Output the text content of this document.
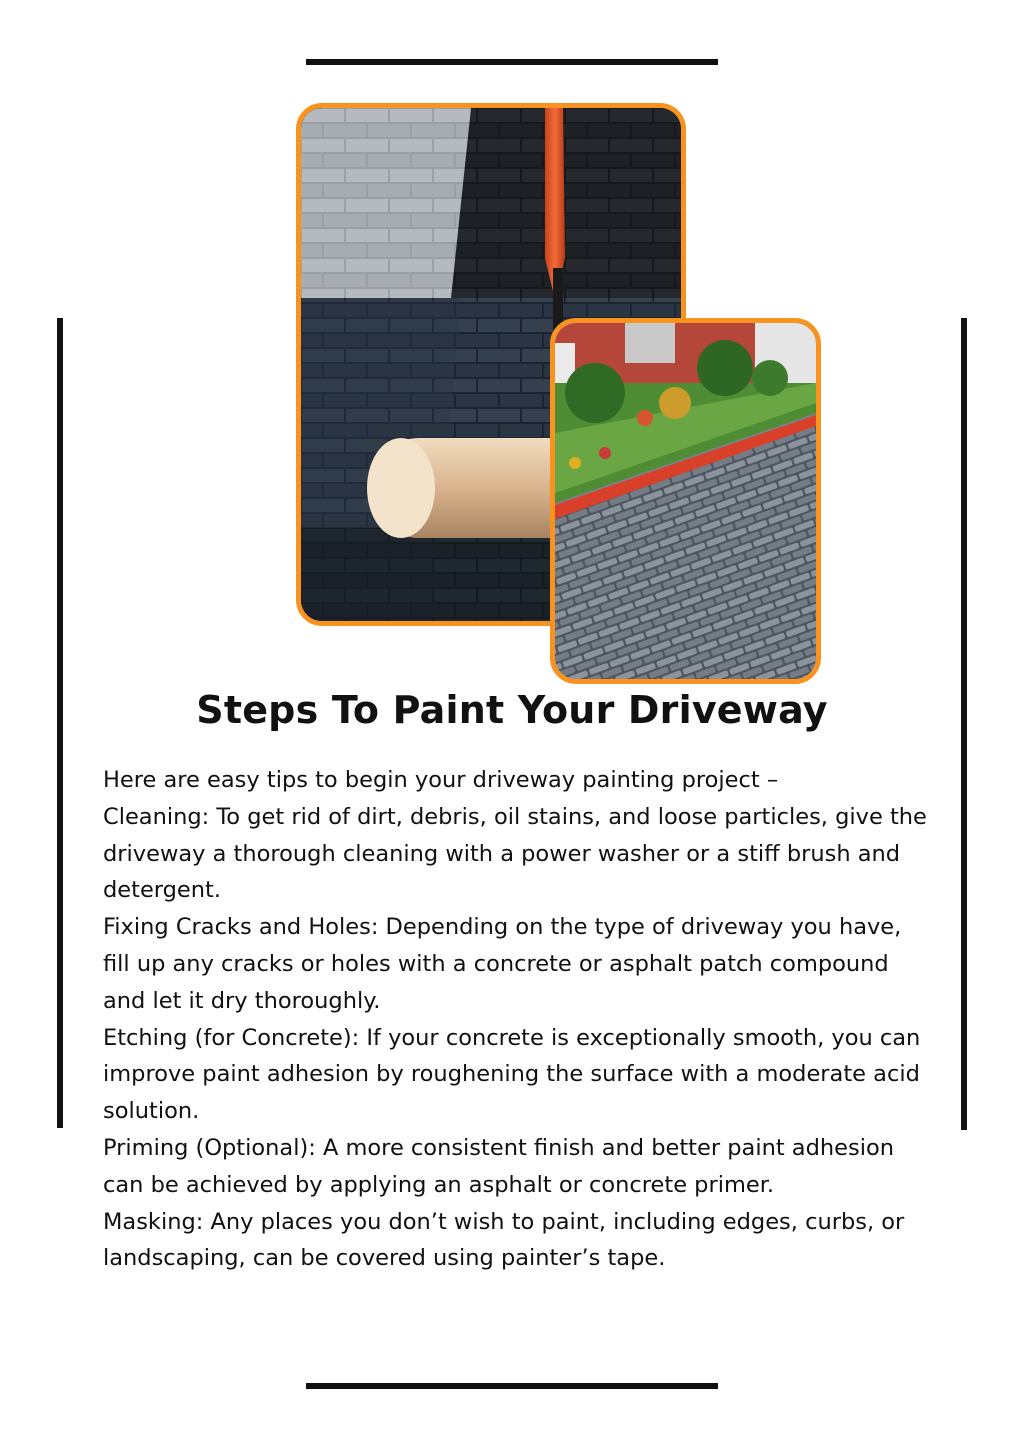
Steps To Paint Your Driveway

Here are easy tips to begin your driveway painting project –

Cleaning: To get rid of dirt, debris, oil stains, and loose particles, give the driveway a thorough cleaning with a power washer or a stiff brush and detergent.

Fixing Cracks and Holes: Depending on the type of driveway you have, fill up any cracks or holes with a concrete or asphalt patch compound and let it dry thoroughly.

Etching (for Concrete): If your concrete is exceptionally smooth, you can improve paint adhesion by roughening the surface with a moderate acid solution.

Priming (Optional): A more consistent finish and better paint adhesion can be achieved by applying an asphalt or concrete primer.

Masking: Any places you don’t wish to paint, including edges, curbs, or landscaping, can be covered using painter’s tape.
